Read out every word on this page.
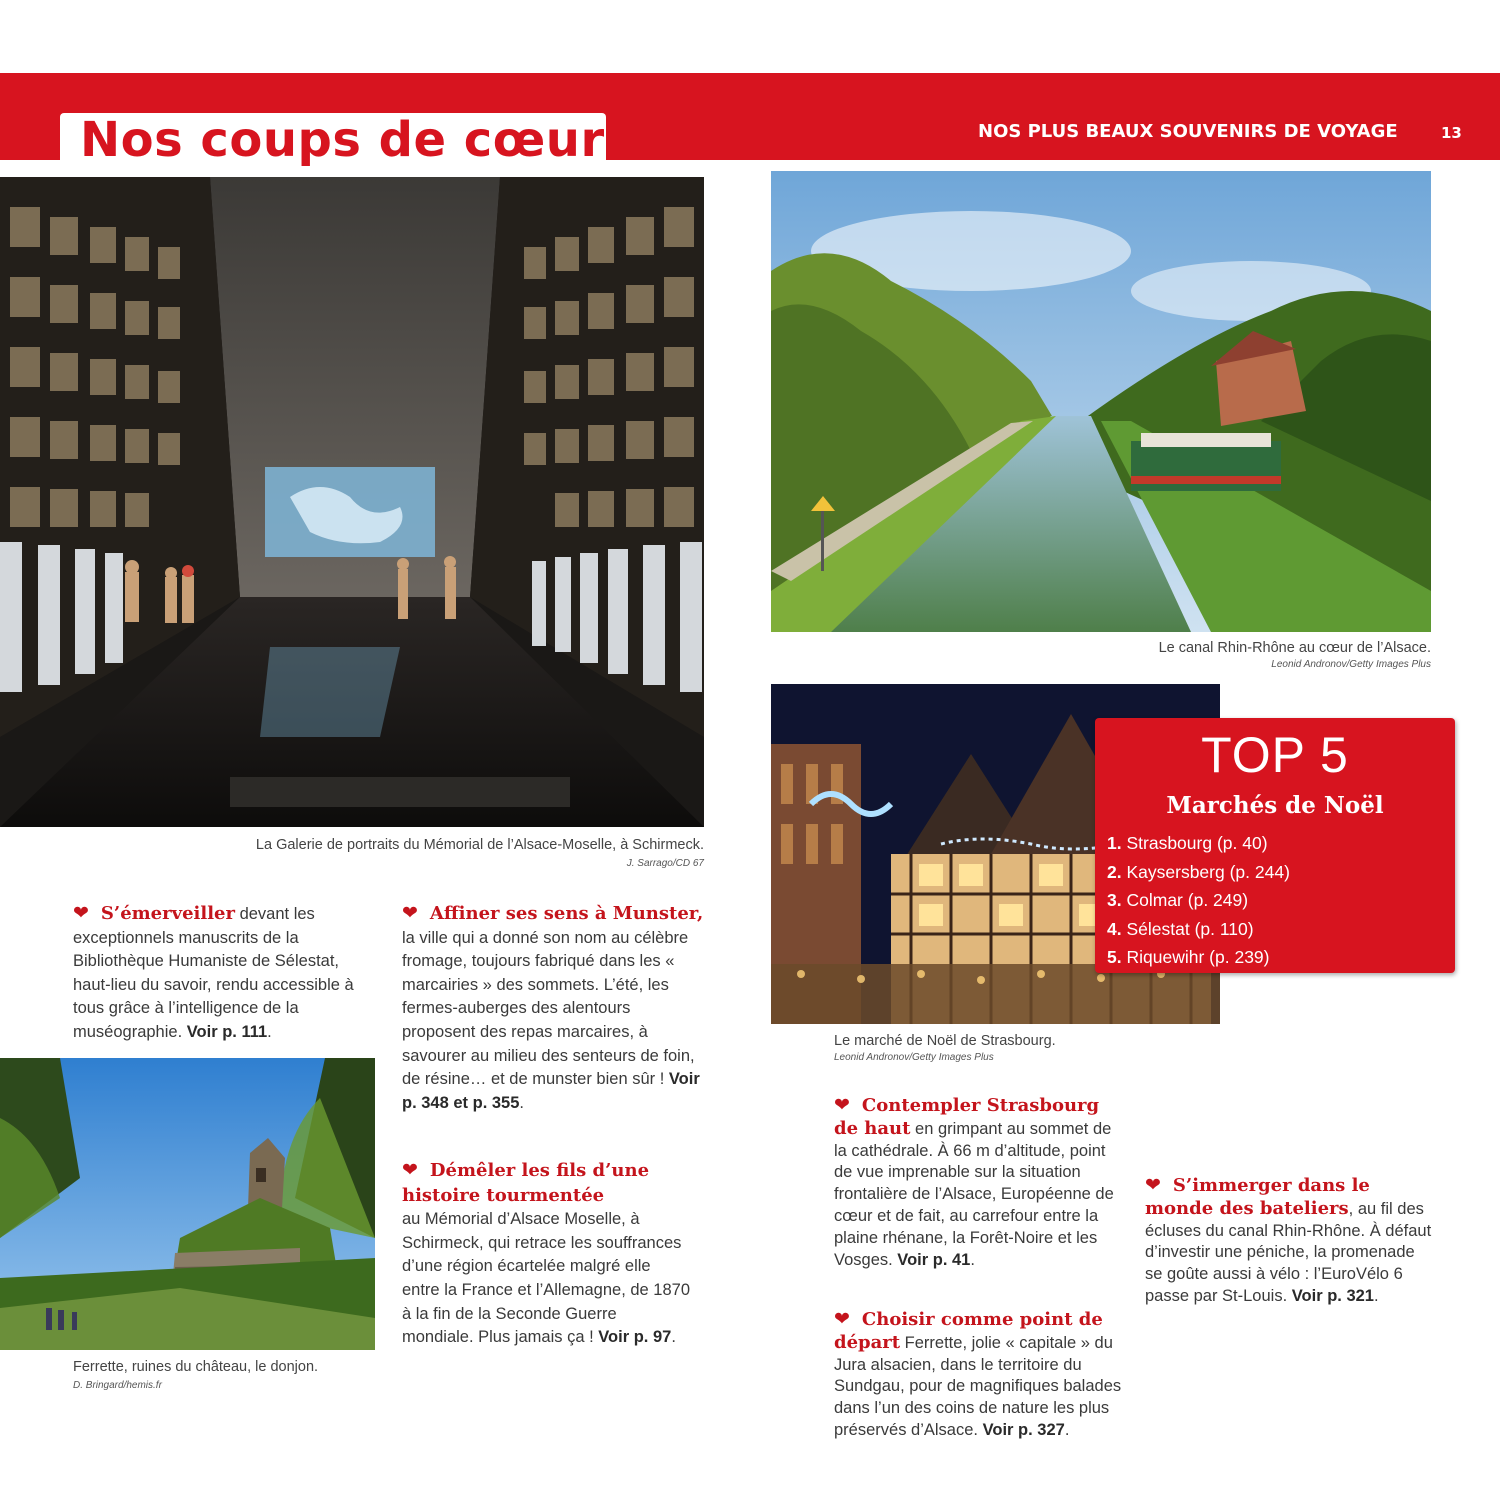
Nos coups de cœur	NOS PLUS BEAUX SOUVENIRS DE VOYAGE	13
La Galerie de portraits du Mémorial de l’Alsace-Moselle, à Schirmeck.
J. Sarrago/CD 67
Le canal Rhin-Rhône au cœur de l’Alsace.
Leonid Andronov/Getty Images Plus
Le marché de Noël de Strasbourg.
Leonid Andronov/Getty Images Plus
TOP 5
Marchés de Noël
1. Strasbourg (p. 40)
2. Kaysersberg (p. 244)
3. Colmar (p. 249)
4. Sélestat (p. 110)
5. Riquewihr (p. 239)
Ferrette, ruines du château, le donjon.
D. Bringard/hemis.fr
❤ S’émerveiller devant les exceptionnels manuscrits de la Bibliothèque Humaniste de Sélestat, haut-lieu du savoir, rendu accessible à tous grâce à l’intelligence de la muséographie. Voir p. 111.
❤ Affiner ses sens à Munster, la ville qui a donné son nom au célèbre fromage, toujours fabriqué dans les « marcairies » des sommets. L’été, les fermes-auberges des alentours proposent des repas marcaires, à savourer au milieu des senteurs de foin, de résine… et de munster bien sûr ! Voir p. 348 et p. 355.
❤ Démêler les fils d’une histoire tourmentée
au Mémorial d’Alsace Moselle, à Schirmeck, qui retrace les souffrances d’une région écartelée malgré elle entre la France et l’Allemagne, de 1870 à la fin de la Seconde Guerre mondiale. Plus jamais ça ! Voir p. 97.
❤ Contempler Strasbourg de haut en grimpant au sommet de la cathédrale. À 66 m d’altitude, point de vue imprenable sur la situation frontalière de l’Alsace, Européenne de cœur et de fait, au carrefour entre la plaine rhénane, la Forêt-Noire et les Vosges. Voir p. 41.
❤ Choisir comme point de départ Ferrette, jolie « capitale » du Jura alsacien, dans le territoire du Sundgau, pour de magnifiques balades dans l’un des coins de nature les plus préservés d’Alsace. Voir p. 327.
❤ S’immerger dans le monde des bateliers, au fil des écluses du canal Rhin-Rhône. À défaut d’investir une péniche, la promenade se goûte aussi à vélo : l’EuroVélo 6 passe par St-Louis. Voir p. 321.
